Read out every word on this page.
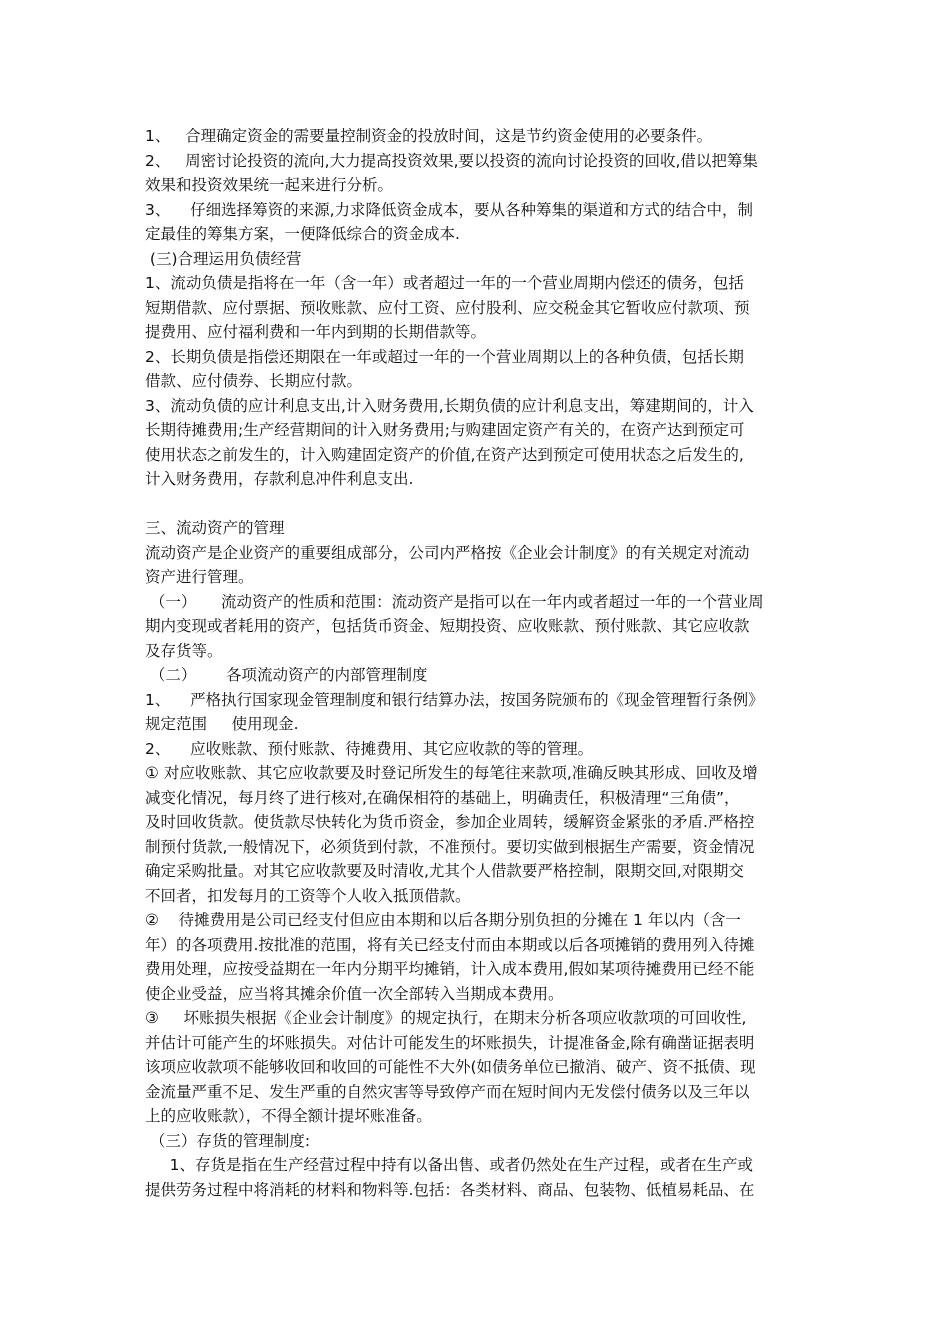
1、   合理确定资金的需要量控制资金的投放时间，这是节约资金使用的必要条件。
2、   周密讨论投资的流向,大力提高投资效果,要以投资的流向讨论投资的回收,借以把筹集
效果和投资效果统一起来进行分析。
3、    仔细选择筹资的来源,力求降低资金成本，要从各种筹集的渠道和方式的结合中，制
定最佳的筹集方案，一便降低综合的资金成本.
(三)合理运用负债经营
1、流动负债是指将在一年（含一年）或者超过一年的一个营业周期内偿还的债务，包括
短期借款、应付票据、预收账款、应付工资、应付股利、应交税金其它暂收应付款项、预
提费用、应付福利费和一年内到期的长期借款等。
2、长期负债是指偿还期限在一年或超过一年的一个营业周期以上的各种负债，包括长期
借款、应付债券、长期应付款。
3、流动负债的应计利息支出,计入财务费用,长期负债的应计利息支出，筹建期间的，计入
长期待摊费用;生产经营期间的计入财务费用;与购建固定资产有关的，在资产达到预定可
使用状态之前发生的，计入购建固定资产的价值,在资产达到预定可使用状态之后发生的,
计入财务费用，存款利息冲件利息支出.
三、流动资产的管理
流动资产是企业资产的重要组成部分，公司内严格按《企业会计制度》的有关规定对流动
资产进行管理。
（一）     流动资产的性质和范围：流动资产是指可以在一年内或者超过一年的一个营业周
期内变现或者耗用的资产，包括货币资金、短期投资、应收账款、预付账款、其它应收款
及存货等。
（二）      各项流动资产的内部管理制度
1、    严格执行国家现金管理制度和银行结算办法，按国务院颁布的《现金管理暂行条例》
规定范围     使用现金.
2、    应收账款、预付账款、待摊费用、其它应收款的等的管理。
① 对应收账款、其它应收款要及时登记所发生的每笔往来款项,准确反映其形成、回收及增
减变化情况，每月终了进行核对,在确保相符的基础上，明确责任，积极清理“三角债”，
及时回收货款。使货款尽快转化为货币资金，参加企业周转，缓解资金紧张的矛盾.严格控
制预付货款,一般情况下，必须货到付款，不准预付。要切实做到根据生产需要，资金情况
确定采购批量。对其它应收款要及时清收,尤其个人借款要严格控制，限期交回,对限期交
不回者，扣发每月的工资等个人收入抵顶借款。
②    待摊费用是公司已经支付但应由本期和以后各期分别负担的分摊在 1 年以内（含一
年）的各项费用.按批准的范围，将有关已经支付而由本期或以后各项摊销的费用列入待摊
费用处理，应按受益期在一年内分期平均摊销，计入成本费用,假如某项待摊费用已经不能
使企业受益，应当将其摊余价值一次全部转入当期成本费用。
③     坏账损失根据《企业会计制度》的规定执行，在期末分析各项应收款项的可回收性,
并估计可能产生的坏账损失。对估计可能发生的坏账损失，计提准备金,除有确凿证据表明
该项应收款项不能够收回和收回的可能性不大外(如债务单位已撤消、破产、资不抵债、现
金流量严重不足、发生严重的自然灾害等导致停产而在短时间内无发偿付债务以及三年以
上的应收账款），不得全额计提坏账准备。
（三）存货的管理制度:
1、存货是指在生产经营过程中持有以备出售、或者仍然处在生产过程，或者在生产或
提供劳务过程中将消耗的材料和物料等.包括：各类材料、商品、包装物、低植易耗品、在
